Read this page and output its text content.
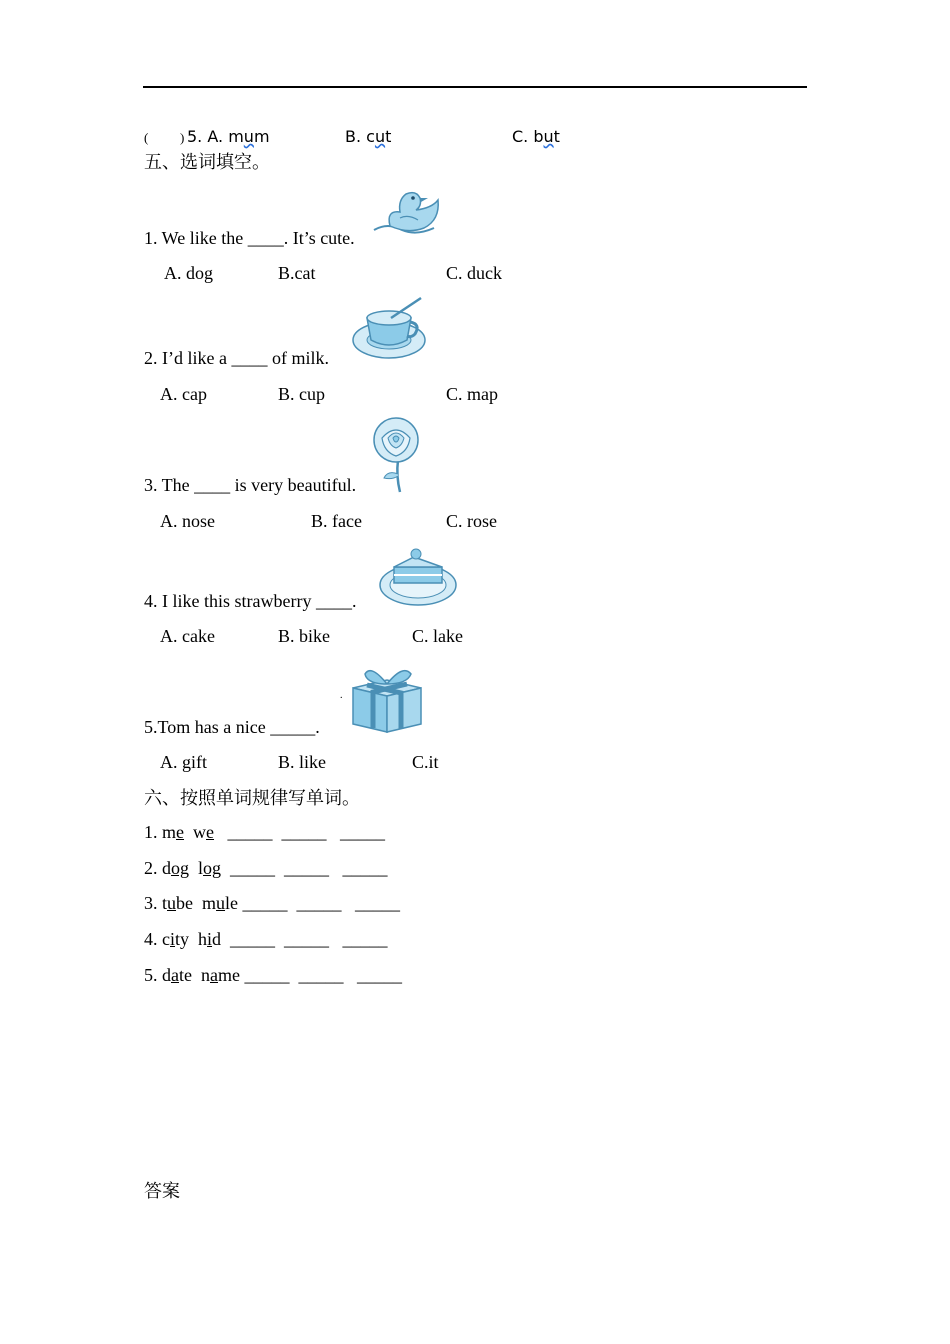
( ) 5. A. mum	B. cut	C. but
五、选词填空。
1. We like the ____. It’s cute.
A. dog	B.cat	C. duck
2. I’d like a ____ of milk.
A. cap	B. cup	C. map
3. The ____ is very beautiful.
A. nose	B. face	C. rose
4. I like this strawberry ____.
A. cake	B. bike	C. lake
.
5.Tom has a nice _____.
A. gift	B. like	C.it
六、按照单词规律写单词。
1. me we _____  _____   _____
2. dog log _____  _____   _____
3. tube mule _____  _____   _____
4. city hid _____  _____   _____
5. date name _____  _____   _____
答案
